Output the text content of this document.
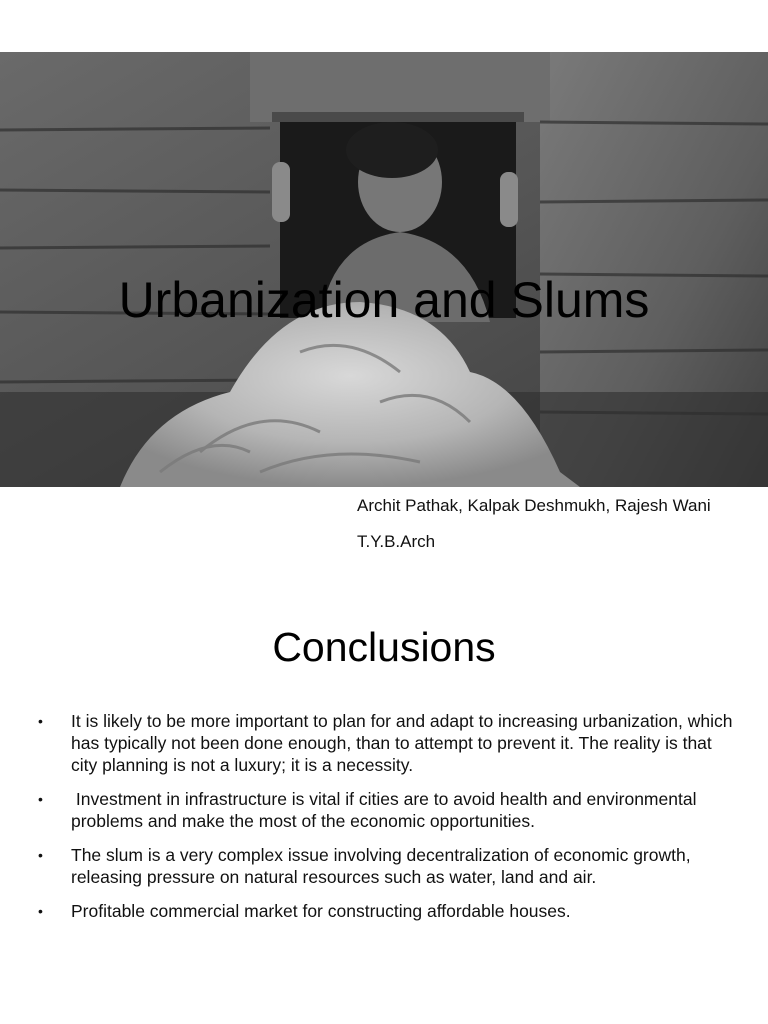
Urbanization and Slums
Archit Pathak, Kalpak Deshmukh, Rajesh Wani
T.Y.B.Arch
Conclusions
• It is likely to be more important to plan for and adapt to increasing urbanization, which has typically not been done enough, than to attempt to prevent it. The reality is that city planning is not a luxury; it is a necessity.
• Investment in infrastructure is vital if cities are to avoid health and environmental problems and make the most of the economic opportunities.
• The slum is a very complex issue involving decentralization of economic growth, releasing pressure on natural resources such as water, land and air.
• Profitable commercial market for constructing affordable houses.
